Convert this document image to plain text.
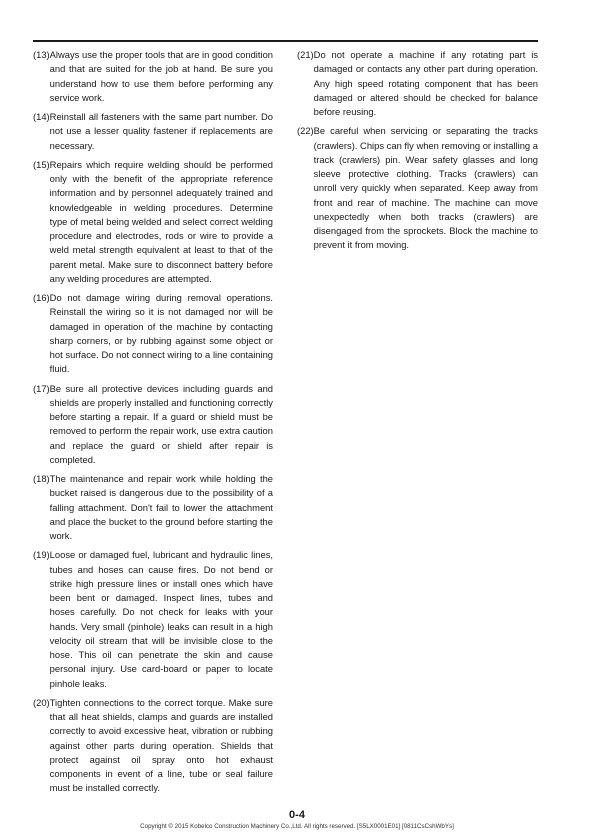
(13) Always use the proper tools that are in good condition and that are suited for the job at hand. Be sure you understand how to use them before performing any service work.
(14) Reinstall all fasteners with the same part number. Do not use a lesser quality fastener if replacements are necessary.
(15) Repairs which require welding should be performed only with the benefit of the appropriate reference information and by personnel adequately trained and knowledgeable in welding procedures. Determine type of metal being welded and select correct welding procedure and electrodes, rods or wire to provide a weld metal strength equivalent at least to that of the parent metal. Make sure to disconnect battery before any welding procedures are attempted.
(16) Do not damage wiring during removal operations. Reinstall the wiring so it is not damaged nor will be damaged in operation of the machine by contacting sharp corners, or by rubbing against some object or hot surface. Do not connect wiring to a line containing fluid.
(17) Be sure all protective devices including guards and shields are properly installed and functioning correctly before starting a repair. If a guard or shield must be removed to perform the repair work, use extra caution and replace the guard or shield after repair is completed.
(18) The maintenance and repair work while holding the bucket raised is dangerous due to the possibility of a falling attachment. Don't fail to lower the attachment and place the bucket to the ground before starting the work.
(19) Loose or damaged fuel, lubricant and hydraulic lines, tubes and hoses can cause fires. Do not bend or strike high pressure lines or install ones which have been bent or damaged. Inspect lines, tubes and hoses carefully. Do not check for leaks with your hands. Very small (pinhole) leaks can result in a high velocity oil stream that will be invisible close to the hose. This oil can penetrate the skin and cause personal injury. Use card-board or paper to locate pinhole leaks.
(20) Tighten connections to the correct torque. Make sure that all heat shields, clamps and guards are installed correctly to avoid excessive heat, vibration or rubbing against other parts during operation. Shields that protect against oil spray onto hot exhaust components in event of a line, tube or seal failure must be installed correctly.
(21) Do not operate a machine if any rotating part is damaged or contacts any other part during operation. Any high speed rotating component that has been damaged or altered should be checked for balance before reusing.
(22) Be careful when servicing or separating the tracks (crawlers). Chips can fly when removing or installing a track (crawlers) pin. Wear safety glasses and long sleeve protective clothing. Tracks (crawlers) can unroll very quickly when separated. Keep away from front and rear of machine. The machine can move unexpectedly when both tracks (crawlers) are disengaged from the sprockets. Block the machine to prevent it from moving.
0-4
Copyright © 2015 Kobelco Construction Machinery Co.,Ltd. All rights reserved. [S5LX0001E01] [0811CsCshWbYs]
